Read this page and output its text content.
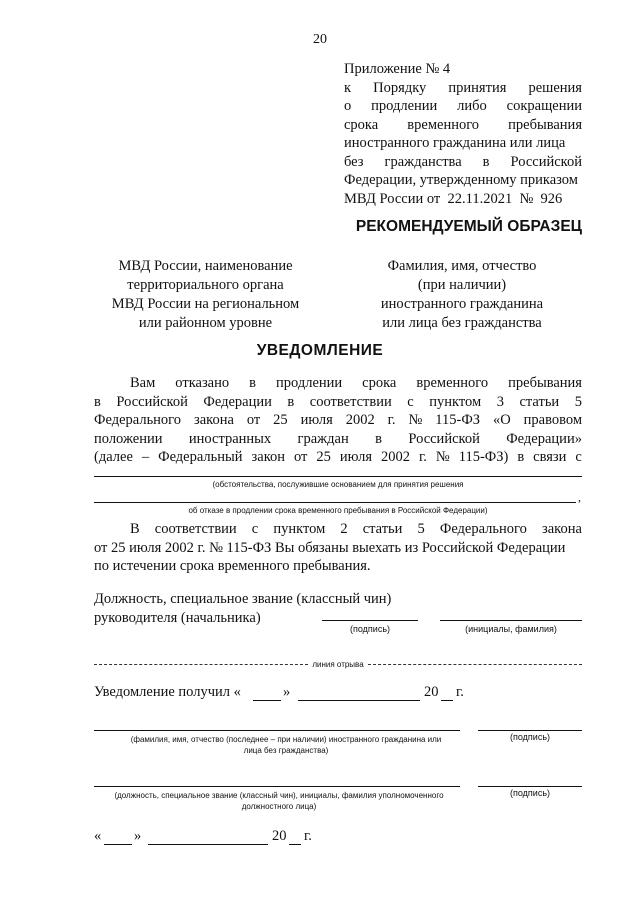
20
Приложение № 4
к Порядку принятия решения
о продлении либо сокращении
срока временного пребывания
иностранного гражданина или лица
без гражданства в Российской
Федерации, утвержденному приказом
МВД России от  22.11.2021  №  926
РЕКОМЕНДУЕМЫЙ ОБРАЗЕЦ
МВД России, наименование
территориального органа
МВД России на региональном
или районном уровне
Фамилия, имя, отчество
(при наличии)
иностранного гражданина
или лица без гражданства
УВЕДОМЛЕНИЕ
Вам отказано в продлении срока временного пребывания
в Российской Федерации в соответствии с пунктом 3 статьи 5
Федерального закона от 25 июля 2002 г. № 115-ФЗ «О правовом
положении иностранных граждан в Российской Федерации»
(далее – Федеральный закон от 25 июля 2002 г. № 115-ФЗ) в связи с
(обстоятельства, послужившие основанием для принятия решения
,
об отказе в продлении срока временного пребывания в Российской Федерации)
В соответствии с пунктом 2 статьи 5 Федерального закона
от 25 июля 2002 г. № 115-ФЗ Вы обязаны выехать из Российской Федерации
по истечении срока временного пребывания.
Должность, специальное звание (классный чин)
руководителя (начальника)
(подпись)	(инициалы, фамилия)
линия отрыва
Уведомление получил «	»	20 г.
(фамилия, имя, отчество (последнее – при наличии) иностранного гражданина или лица без гражданства)
(подпись)
(должность, специальное звание (классный чин), инициалы, фамилия уполномоченного должностного лица)
(подпись)
« »	20 г.
